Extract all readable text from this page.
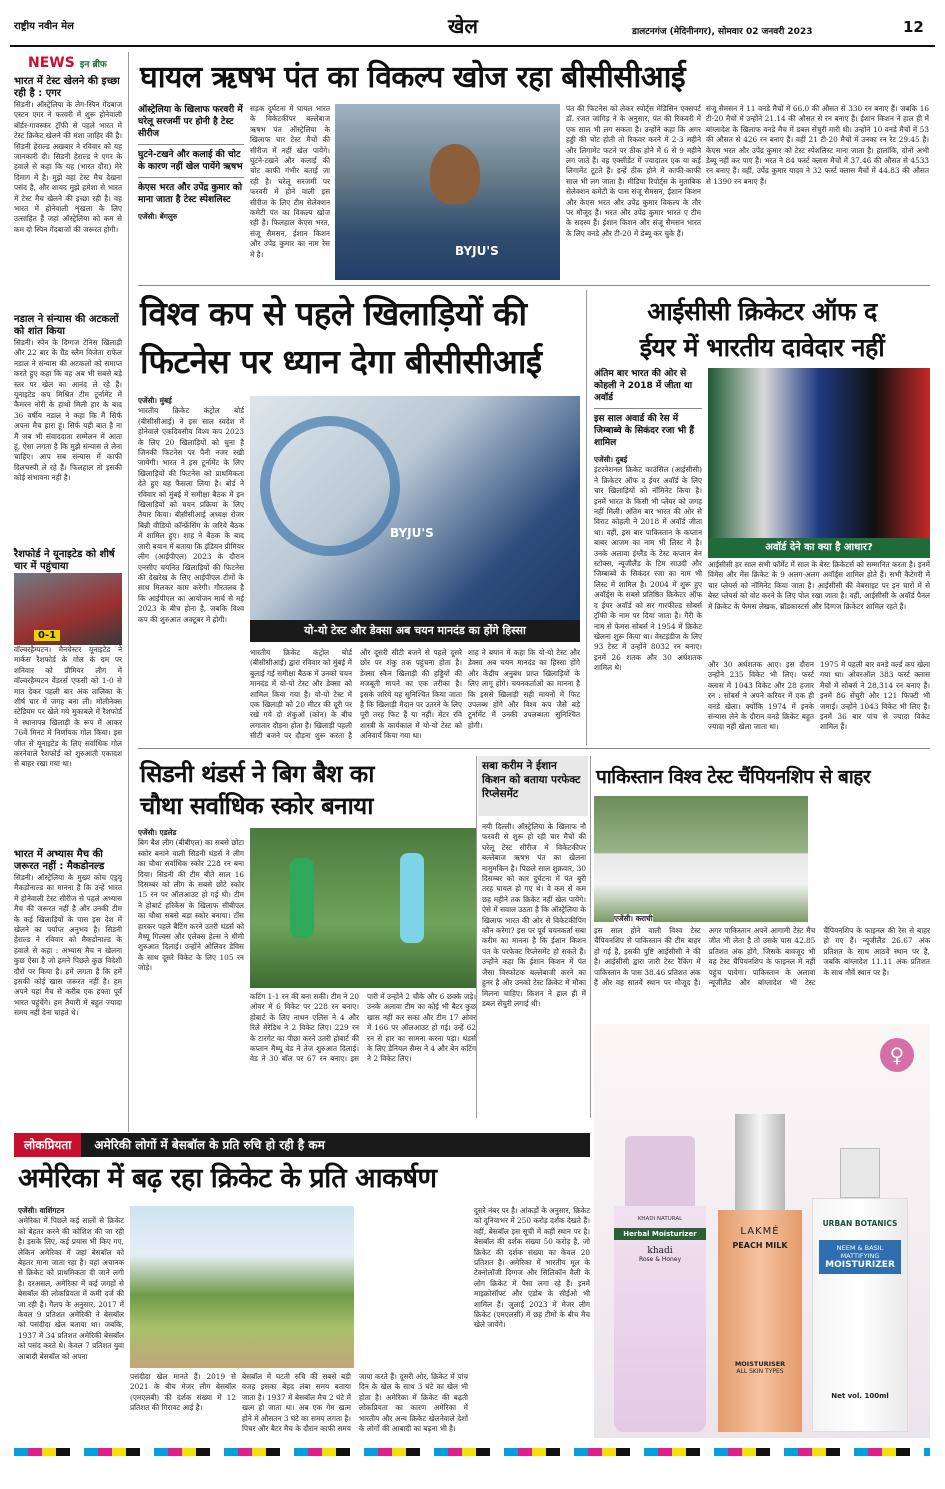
राष्ट्रीय नवीन मेल	खेल	डालटनगंज (मेदिनीनगर), सोमवार 02 जनवरी 2023	12
NEWS इन ब्रीफ
भारत में टेस्ट खेलने की इच्छा रही है : एगर
सिडनी। ऑस्ट्रेलिया के लेग-स्पिन गेंदबाज एस्टन एगर ने फरवरी में शुरू होनेवाली बॉर्डर-गावस्कर ट्रॉफी से पहले भारत में टेस्ट क्रिकेट खेलने की मंशा जाहिर की है। सिडनी हेराल्ड अखबार ने रविवार को यह जानकारी दी। सिडनी हेराल्ड ने एगर के हवाले से कहा कि यह (भारत दौरा) मेरे दिमाग में है। मुझे वहां टेस्ट मैच देखना पसंद है, और शायद मुझे हमेशा से भारत में टेस्ट मैच खेलने की इच्छा रही है। वह भारत में होनेवाली शृंखला के लिए उत्साहित हैं जहां ऑस्ट्रेलिया को कम से कम दो स्पिन गेंदबाजों की जरूरत होगी।
नडाल ने संन्यास की अटकलों को शांत किया
सिडनी। स्पेन के दिग्गज टेनिस खिलाड़ी और 22 बार के ग्रैंड स्लैम विजेता राफेल नडाल ने संन्यास की अटकलों को समाप्त करते हुए कहा कि वह अब भी सबसे बड़े स्तर पर खेल का आनंद ले रहे हैं। यूनाइटेड कप मिश्रित टीम टूर्नामेंट में कैमरन नोरी के हाथों मिली हार के बाद 36 वर्षीय नडाल ने कहा कि मैं सिर्फ अपना मैच हारा हूं। सिर्फ यही बात है ना मैं जब भी संवाददाता सम्मेलन में आता हूं, ऐसा लगता है कि मुझे संन्यास ले लेना चाहिए। आप सब संन्यास में काफी दिलचस्पी ले रहे हैं। फिलहाल तो इसकी कोई संभावना नहीं है।
रैशफोर्ड ने यूनाइटेड को शीर्ष चार में पहुंचाया
0-1
वॉल्वरहैम्पटन। मैनचेस्टर यूनाइटेड ने मार्कस रैशफोर्ड के गोल के दम पर शनिवार को प्रीमियर लीग में वॉल्वरहैम्पटन वेंडरर्स एफसी को 1-0 से मात देकर पहली बार अंक तालिका के शीर्ष चार में जगह बना ली। मोलीनेक्स स्टेडियम पर खेले गये मुकाबले में रैशफोर्ड ने स्थानापन्न खिलाड़ी के रूप में आकर 76वें मिनट में निर्णायक गोल किया। इस जीत से यूनाइटेड के लिए सर्वाधिक गोल करनेवाले रैशफोर्ड को शुरुआती एकादश से बाहर रखा गया था।
भारत में अभ्यास मैच की जरूरत नहीं : मैकडोनल्ड
सिडनी। ऑस्ट्रेलिया के मुख्य कोच एंड्रयू मैकडोनाल्ड का मानना है कि उन्हें भारत में होनेवाली टेस्ट सीरीज से पहले अभ्यास मैच की जरूरत नहीं है और उनकी टीम के कई खिलाड़ियों के पास इस देश में खेलने का पर्याप्त अनुभव है। सिडनी हेराल्ड ने रविवार को मैकडोनाल्ड के हवाले से कहा : अभ्यास मैच न खेलना कुछ ऐसा है जो हमने पिछले कुछ विदेशी दौरों पर किया है। हमें लगता है कि हमें इसकी कोई खास जरूरत नहीं है। हम अपने यहां मैच से करीब एक हफ्ता पूर्व भारत पहुंचेंगे। हम तैयारी में बहुत ज्यादा समय नहीं देना चाहते थे।
घायल ऋषभ पंत का विकल्प खोज रहा बीसीसीआई
ऑस्ट्रेलिया के खिलाफ फरवरी में घरेलू सरजमीं पर होनी है टेस्ट सीरीज
घुटने-टखने और कलाई की चोट के कारण नहीं खेल पायेंगे ऋषभ
केएस भरत और उपेंद्र कुमार को माना जाता है टेस्ट स्पेशलिस्ट
एजेंसी। बेंगलुरु
सड़क दुर्घटना में घायल भारत के विकेटकीपर बल्लेबाज ऋषभ पंत ऑस्ट्रेलिया के खिलाफ चार टेस्ट मैचों की सीरीज में नहीं खेल पायेंगे। घुटने-टखने और कलाई की चोट काफी गंभीर बताई जा रही है। घरेलू सरजमीं पर फरवरी में होने वाली इस सीरीज के लिए टीम सेलेक्शन कमेटी पंत का विकल्प खोज रही है। फिलहाल केएस भरत, संजू सैमसन, ईशान किशन और उपेंद्र कुमार का नाम रेस में है।
पंत की फिटनेस को लेकर स्पोर्ट्स मेडिसिन एक्सपर्ट डॉ. रजत जांगिड़ ने के अनुसार, पंत की रिकवरी में एक साल भी लग सकता है। उन्होंने कहा कि अगर हड्डी की चोट होती तो रिकवर करने में 2-3 महीने और लिगामेंट फटने पर ठीक होने में 6 से 9 महीने लग जाते हैं। वह एक्सीडेंट में ज्यादातर एक या कई लिगामेंट टूटते हैं। इन्हें ठीक होने में काफी-काफी साल भी लग जाता है। मीडिया रिपोर्ट्स के मुताबिक सेलेक्शन कमेटी के पास संजू सैमसन, ईशान किशन और केएस भरत और उपेंद्र कुमार विकल्प के तौर पर मौजूद हैं। भरत और उपेंद्र कुमार भारत ए टीम के सदस्य हैं। ईशान किशन और संजू सैमसन भारत के लिए वनडे और टी-20 में डेब्यू कर चुके हैं।
संजू सैमसन ने 11 वनडे मैचों में 66.0 की औसत से 330 रन बनाए हैं। जबकि 16 टी-20 मैचों में उन्होंने 21.14 की औसत से रन बनाए हैं। ईशान किशन ने हाल ही में बांग्लादेश के खिलाफ वनडे मैच में डबल सेंचुरी मारी थी। उन्होंने 10 वनडे मैचों में 53 की औसत से 426 रन बनाए हैं। वहीं 21 टी-20 मैचों में उनका रन रेट 29.45 है। केएस भरत और उपेंद्र कुमार को टेस्ट स्पेशलिस्ट माना जाता है। हालांकि, दोनों अभी डेब्यू नहीं कर पाए हैं। भरत ने 84 फर्स्ट क्लास मैचों में 37.46 की औसत से 4533 रन बनाए हैं। वहीं, उपेंद्र कुमार यादव ने 32 फर्स्ट क्लास मैचों में 44.83 की औसत से 1390 रन बनाए हैं।
BYJU'S
विश्व कप से पहले खिलाड़ियों की
फिटनेस पर ध्यान देगा बीसीसीआई
एजेंसी। मुंबई
भारतीय क्रिकेट कंट्रोल बोर्ड (बीसीसीआई) ने इस साल स्वदेश में होनेवाले एकदिवसीय विश्व कप 2023 के लिए 20 खिलाड़ियों को चुना है जिनकी फिटनेस पर पैनी नजर रखी जायेगी। भारत ने इस टूर्नामेंट के लिए खिलाड़ियों की फिटनेस को प्राथमिकता देते हुए यह फैसला लिया है। बोर्ड ने रविवार को मुंबई में समीक्षा बैठक में इन खिलाड़ियों को चयन प्रक्रिया के लिए तैयार किया। बीसीसीआई अध्यक्ष रोजर बिन्नी वीडियो कॉन्फ्रेंसिंग के जरिये बैठक में शामिल हुए। शाह ने बैठक के बाद जारी बयान में बताया कि इंडियन प्रीमियर लीग (आईपीएल) 2023 के दौरान एनसीए चयनित खिलाड़ियों की फिटनेस की देखरेख के लिए आईपीएल टीमों के साथ मिलकर काम करेगी। गौरतलब है कि आईपीएल का आयोजन मार्च से मई 2023 के बीच होना है, जबकि विश्व कप की शुरुआत अक्टूबर में होगी।
BYJU'S
यो-यो टेस्ट और डेक्सा अब चयन मानदंड का होंगे हिस्सा
भारतीय क्रिकेट कंट्रोल बोर्ड (बीसीसीआई) द्वारा रविवार को मुंबई में बुलाई गई समीक्षा बैठक में उनको चयन मानदंड में यो-यो टेस्ट और डेक्सा को शामिल किया गया है। यो-यो टेस्ट में एक खिलाड़ी को 20 मीटर की दूरी पर रखे गये दो शंकुओं (कोन) के बीच लगातार दौड़ना होता है। खिलाड़ी पहली सीटी बजने पर दौड़ना शुरू करता है और दूसरी सीटी बजने से पहले दूसरे छोर पर शंकु तक पहुंचना होता है। डेक्सा स्कैन खिलाड़ी की हड्डियों की मजबूती मापने का एक तरीका है। इसके जरिये यह सुनिश्चित किया जाता है कि खिलाड़ी मैदान पर उतरने के लिए पूरी तरह फिट हैं या नहीं। मेंटर रवि शास्त्री के कार्यकाल में यो-यो टेस्ट को अनिवार्य किया गया था।
शाह ने बयान में कहा कि यो-यो टेस्ट और डेक्सा अब चयन मानदंड का हिस्सा होंगे और केंद्रीय अनुबंध प्राप्त खिलाड़ियों के लिए लागू होंगे। चयनकर्ताओं का मानना है कि इससे खिलाड़ी सही मायनों में फिट उपलब्ध होंगे और विश्व कप जैसे बड़े टूर्नामेंट में उनकी उपलब्धता सुनिश्चित होगी।
आईसीसी क्रिकेटर ऑफ द
ईयर में भारतीय दावेदार नहीं
अंतिम बार भारत की ओर से कोहली ने 2018 में जीता था अवॉर्ड
इस साल अवार्ड की रेस में जिम्बाब्वे के सिकंदर रजा भी हैं शामिल
एजेंसी। दुबई
इंटरनेशनल क्रिकेट काउंसिल (आईसीसी) ने क्रिकेटर ऑफ द ईयर अवॉर्ड के लिए चार खिलाड़ियों को नॉमिनेट किया है। इनमें भारत के किसी भी प्लेयर को जगह नहीं मिली। अंतिम बार भारत की ओर से विराट कोहली ने 2018 में अवॉर्ड जीता था। वहीं, इस बार पाकिस्तान के कप्तान बाबर आजम का नाम भी लिस्ट में है। उनके अलावा इंग्लैंड के टेस्ट कप्तान बेन स्टोक्स, न्यूजीलैंड के टिम साउदी और जिम्बाब्वे के सिकंदर रजा का नाम भी लिस्ट में शामिल है। 2004 में शुरू हुए अवॉर्ड्स के सबसे प्रतिष्ठित क्रिकेटर ऑफ द ईयर अवॉर्ड को सर गारफील्ड सोबर्स ट्रॉफी के नाम पर दिया जाता है। गैरी के नाम से फेमस सोबर्स ने 1954 में क्रिकेट खेलना शुरू किया था। वेस्टइंडीज के लिए 93 टेस्ट में उन्होंने 8032 रन बनाए। इनमें 26 शतक और 30 अर्धशतक शामिल थे।
अवॉर्ड देने का क्या है आधार?
आईसीसी हर साल सभी फॉर्मेट में साल के बेस्ट क्रिकेटर्स को सम्मानित करता है। इनमें विमेंस और मेंस क्रिकेट के 9 अलग-अलग अवॉर्ड्स शामिल होते हैं। सभी कैटेगरी में चार प्लेयर्स को नॉमिनेट किया जाता है। आईसीसी की वेबसाइट पर इन चारों में से बेस्ट प्लेयर्स को वोट करने के लिए पोल रखा जाता है। वहीं, आईसीसी के अवॉर्ड पैनल में क्रिकेट के फेमस लेखक, ब्रॉडकास्टर्स और दिग्गज क्रिकेटर शामिल रहते हैं।
और 30 अर्धशतक आए। इस दौरान उन्होंने 235 विकेट भी लिए। फर्स्ट क्लास में 1043 विकेट और 28 हजार रन : सोबर्स ने अपने करियर में एक ही वनडे खेला। क्योंकि 1974 में इनके संन्यास लेने के दौरान वनडे क्रिकेट बहुत ज्यादा नहीं खेला जाता था।
1975 में पहली बार वनडे वर्ल्ड कप खेला गया था। ओवरऑल 383 फर्स्ट क्लास मैचों में सोबर्स ने 28,314 रन बनाए हैं। इनमें 86 सेंचुरी और 121 फिफ्टी भी जमाईं। उन्होंने 1043 विकेट भी लिए हैं। इनमें 36 बार पांच से ज्यादा विकेट शामिल हैं।
सिडनी थंडर्स ने बिग बैश का
चौथा सर्वाधिक स्कोर बनाया
एजेंसी। एडलेड
बिग बैश लीग (बीबीएल) का सबसे छोटा स्कोर बनाने वाली सिडनी थंडर्स ने लीग का चौथा सर्वाधिक स्कोर 228 रन बना दिया। सिडनी की टीम बीते साल 16 दिसम्बर को लीग के सबसे छोटे स्कोर 15 रन पर ऑलआउट हो गई थी। टीम ने होबार्ट हरिकेंस के खिलाफ सीबीएल का चौथा सबसे बड़ा स्कोर बनाया। टॉस हारकर पहले बैटिंग करने उतरी थंडर्स को मैथ्यू गिल्क्स और एलेक्स हेल्स ने धीमी शुरुआत दिलाई। उन्होंने ओलिवर डेविस के साथ दूसरे विकेट के लिए 105 रन जोड़े।
कटिंग 1-1 रन की बना सकी। टीम ने 20 ओवर में 6 विकेट पर 228 रन बनाए। होबार्ट के लिए नाथन एलिस ने 4 और रिले मेरेडिथ ने 2 विकेट लिए। 229 रन के टारगेट का पीछा करने उतरी होबार्ट की कप्तान मैथ्यू वेड ने तेज शुरुआत दिलाई। वेड ने 30 बॉल पर 67 रन बनाए। इस पारी में उन्होंने 2 चौके और 6 छक्के जड़े। उनके अलावा टीम का कोई भी बैटर कुछ खास नहीं कर सका और टीम 17 ओवर में 166 पर ऑलआउट हो गई। उन्हें 62 रन से हार का सामना करना पड़ा। थंडर्स के लिए डेनियल सैम्स ने 4 और बेन कटिंग ने 2 विकेट लिए।
सबा करीम ने ईशान किशन को बताया परफेक्ट रिप्लेसमेंट
नयी दिल्ली। ऑस्ट्रेलिया के खिलाफ नौ फरवरी से शुरू हो रही चार मैचों की घरेलू टेस्ट सीरीज में विकेटकीपर बल्लेबाज ऋषभ पंत का खेलना नामुमकिन है। पिछले साल शुक्रवार, 30 दिसम्बर को कार दुर्घटना में पंत बुरी तरह घायल हो गए थे। वे कम से कम छह महीने तक क्रिकेट नहीं खेल पायेंगे। ऐसे में सवाल उठता है कि ऑस्ट्रेलिया के खिलाफ भारत की ओर से विकेटकीपिंग कौन करेगा? इस पर पूर्व चयनकर्ता सबा करीम का मानना है कि ईशान किशन पंत के परफेक्ट रिप्लेसमेंट हो सकते हैं। उन्होंने कहा कि ईशान किशन में पंत जैसा विस्फोटक बल्लेबाजी करने का हुनर है और उनको टेस्ट क्रिकेट में मौका मिलना चाहिए। किशन ने हाल ही में डबल सेंचुरी लगाई थी।
पाकिस्तान विश्व टेस्ट चैंपियनशिप से बाहर
इस साल होने वाली विश्व टेस्ट चैंपियनशिप से पाकिस्तान की टीम बाहर हो गई है, इसकी पुष्टि आईसीसी ने की है। आईसीसी द्वारा जारी टेस्ट रैंकिंग में पाकिस्तान के पास 38.46 प्रतिशत अंक हैं और वह सातवें स्थान पर मौजूद है। अगर पाकिस्तान अपने आगामी टेस्ट मैच जीत भी लेता है तो उसके पास 42.85 प्रतिशत अंक होंगे, जिसके बावजूद भी वह टेस्ट चैंपियनशिप के फाइनल में नहीं पहुंच पायेगा। पाकिस्तान के अलावा न्यूजीलैंड और बांग्लादेश भी टेस्ट चैंपियनशिप के फाइनल की रेस से बाहर हो गए हैं। न्यूजीलैंड 26.67 अंक प्रतिशत के साथ आठवें स्थान पर है, जबकि बांग्लादेश 11.11 अंक प्रतिशत के साथ नौवें स्थान पर है।
एजेंसी। कराची
♀
KHADI NATURAL
Herbal Moisturizer
khadi
Rose & Honey
LAKMÉ
PEACH MILK
MOISTURISER
ALL SKIN TYPES
URBAN BOTANICS
NEEM & BASIL
MATTIFYING
MOISTURIZER
Net vol. 100ml
लोकप्रियता अमेरिकी लोगों में बेसबॉल के प्रति रुचि हो रही है कम
अमेरिका में बढ़ रहा क्रिकेट के प्रति आकर्षण
एजेंसी। वाशिंगटन
अमेरिका में पिछले कई सालों से क्रिकेट को बेहतर करने की कोशिश की जा रही है। इसके लिए, कई प्रयास भी किए गए, लेकिन अमेरिका में जहां बेसबॉल को बेहतर माना जाता रहा है। वहां अचानक से क्रिकेट को प्राथमिकता दी जाने लगी है। दरअसल, अमेरिका में कई जगहों से बेसबॉल की लोकप्रियता में कमी दर्ज की जा रही है। गैलप के अनुसार, 2017 में केवल 9 प्रतिशत अमेरिकी ने बेसबॉल को पसंदीदा खेल बताया था। जबकि, 1937 में 34 प्रतिशत अमेरिकी बेसबॉल को पसंद करते थे। केवल 7 प्रतिशत युवा आबादी बेसबॉल को अपना
पसंदीदा खेल मानते हैं। 2019 से 2021 के बीच मेजर लीग बेसबॉल (एमएलबी) की दर्शक संख्या में 12 प्रतिशत की गिरावट आई है।
बेसबॉल में घटती रुचि की सबसे बड़ी वजह इसका बेहद लंबा समय बताया जाता है। 1937 में बेसबॉल मैच 2 घंटे में खत्म हो जाता था। अब एक गेम खत्म होने में औसतन 3 घंटे का समय लगता है। पिचर और बैटर मैच के दौरान काफी समय जाया करते हैं। दूसरी ओर, क्रिकेट में पांच दिन के खेल के साथ 3 घंटे का खेल भी होता है। अमेरिका में क्रिकेट की बढ़ती लोकप्रियता का कारण अमेरिका में भारतीय और अन्य क्रिकेट खेलनेवाले देशों के लोगों की आबादी का बढ़ना भी है।
दूसरे नंबर पर है। आंकड़ों के अनुसार, क्रिकेट को दुनियाभर में 250 करोड़ दर्शक देखते हैं। वहीं, बेसबॉल इस सूची में कहीं स्थान पर है। बेसबॉल की दर्शक संख्या 50 करोड़ है, जो क्रिकेट की दर्शक संख्या का केवल 20 प्रतिशत है। अमेरिका में भारतीय मूल के टेक्नोलॉजी दिग्गज और सिलिकॉन वैली के लोग क्रिकेट में पैसा लगा रहे हैं। इनमें माइक्रोसॉफ्ट और एडोब के सीईओ भी शामिल हैं। जुलाई 2023 में मेजर लीग क्रिकेट (एमएलसी) में छह टीमों के बीच मैच खेले जायेंगे।
